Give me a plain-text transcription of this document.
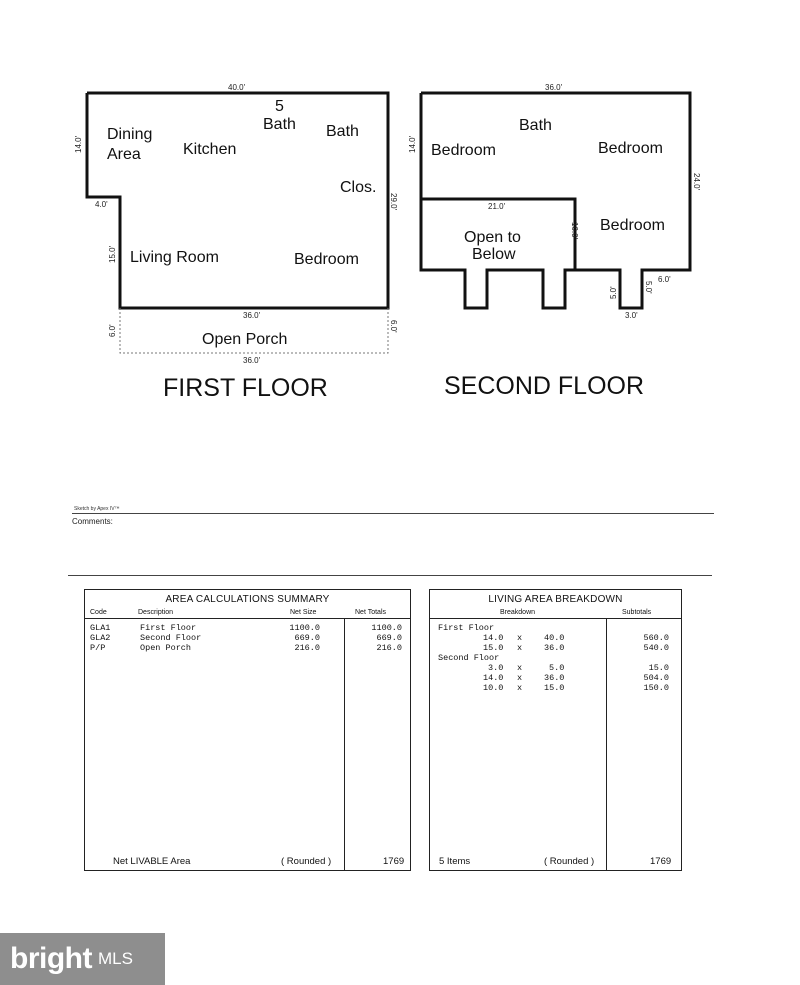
Dining
Area	Kitchen
5
Bath Bath
Clos.
Living Room	Bedroom
Open Porch
40.0'
14.0'
4.0'
15.0'
29.0'
36.0'
6.0'	6.0'
36.0'
Bedroom
Bath
Bedroom
Open to
Below
Bedroom
36.0'
14.0'
24.0'
21.0'
10.0'
6.0'
5.0'	5.0'
3.0'
FIRST FLOOR	SECOND FLOOR
Sketch by Apex IV™
Comments:
AREA CALCULATIONS SUMMARY
Code	Description	Net Size	Net Totals
GLA1	First Floor	1100.0	1100.0
GLA2	Second Floor	669.0	669.0
P/P	Open Porch	216.0	216.0
Net LIVABLE Area	( Rounded )	1769
LIVING AREA BREAKDOWN
Breakdown	Subtotals
First Floor
14.0 x	40.0	560.0
15.0 x	36.0	540.0
Second Floor
3.0 x	5.0	15.0
14.0 x	36.0	504.0
10.0 x	15.0	150.0
5 Items	( Rounded )	1769
bright MLS
